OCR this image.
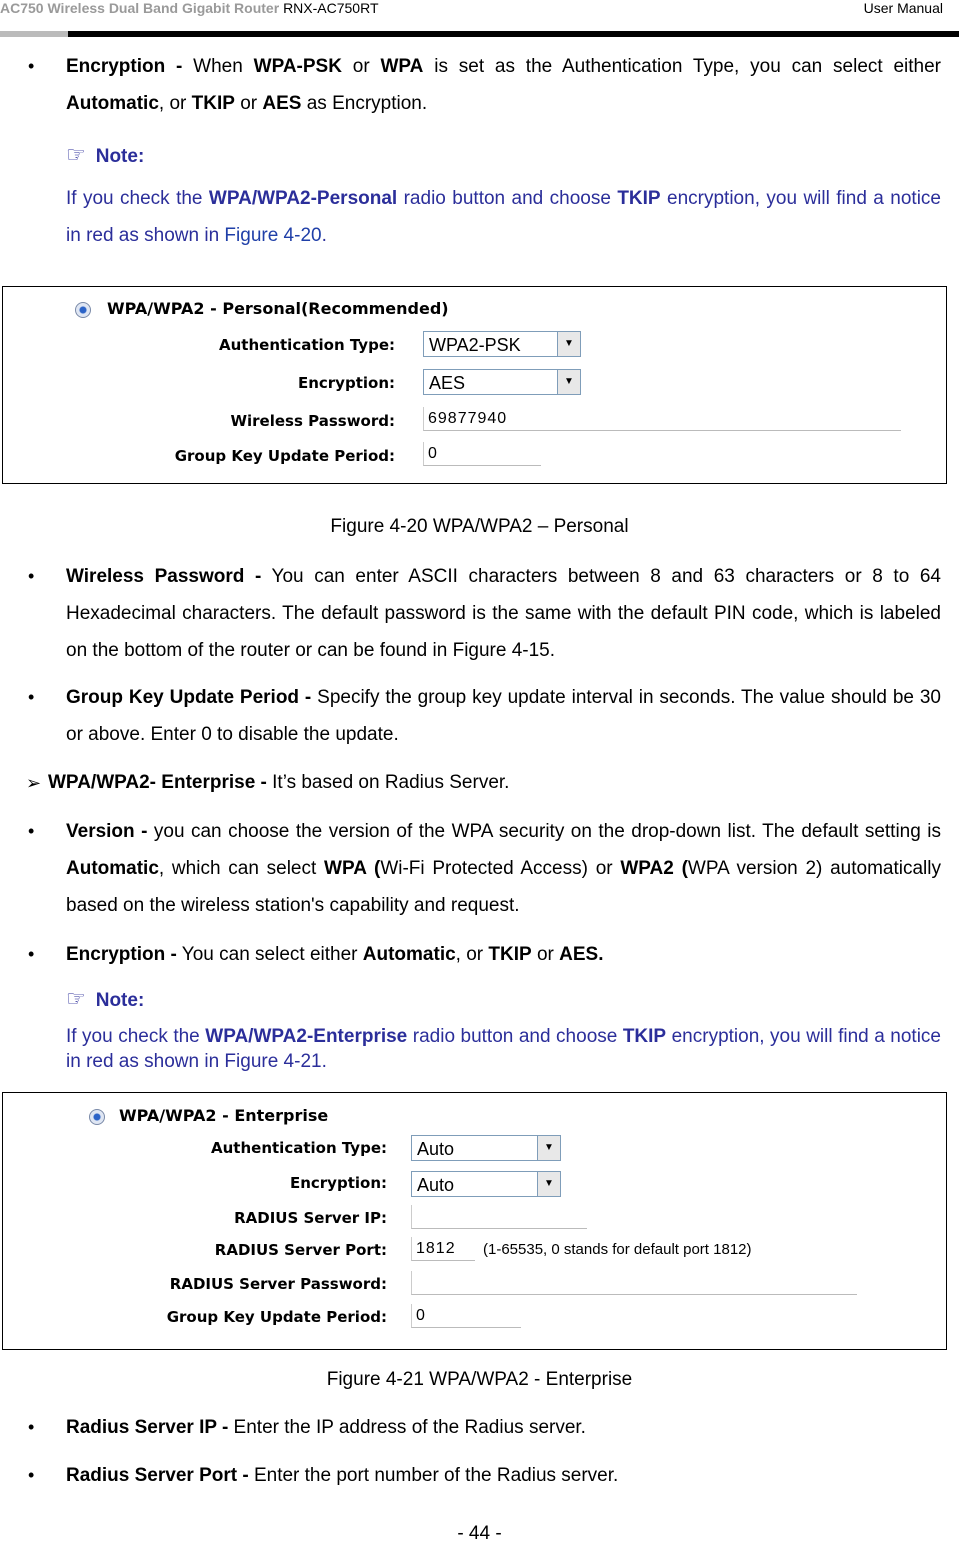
AC750 Wireless Dual Band Gigabit Router RNX-AC750RT	User Manual
• Encryption - When WPA-PSK or WPA is set as the Authentication Type, you can select either Automatic, or TKIP or AES as Encryption.
☞ Note:
If you check the WPA/WPA2-Personal radio button and choose TKIP encryption, you will find a notice in red as shown in Figure 4-20.
WPA/WPA2 - Personal(Recommended)
Authentication Type:	WPA2-PSK	▼
Encryption:	AES	▼
Wireless Password:	69877940
Group Key Update Period:	0
Figure 4-20 WPA/WPA2 – Personal
• Wireless Password - You can enter ASCII characters between 8 and 63 characters or 8 to 64 Hexadecimal characters. The default password is the same with the default PIN code, which is labeled on the bottom of the router or can be found in Figure 4-15.
• Group Key Update Period - Specify the group key update interval in seconds. The value should be 30 or above. Enter 0 to disable the update.
➢ WPA/WPA2- Enterprise - It’s based on Radius Server.
• Version - you can choose the version of the WPA security on the drop-down list. The default setting is Automatic, which can select WPA (Wi-Fi Protected Access) or WPA2 (WPA version 2) automatically based on the wireless station's capability and request.
• Encryption - You can select either Automatic, or TKIP or AES.
☞ Note:
If you check the WPA/WPA2-Enterprise radio button and choose TKIP encryption, you will find a notice in red as shown in Figure 4-21.
WPA/WPA2 - Enterprise
Authentication Type:	Auto	▼
Encryption:	Auto	▼
RADIUS Server IP:
RADIUS Server Port:	1812	(1-65535, 0 stands for default port 1812)
RADIUS Server Password:
Group Key Update Period:	0
Figure 4-21 WPA/WPA2 - Enterprise
• Radius Server IP - Enter the IP address of the Radius server.
• Radius Server Port - Enter the port number of the Radius server.
- 44 -
